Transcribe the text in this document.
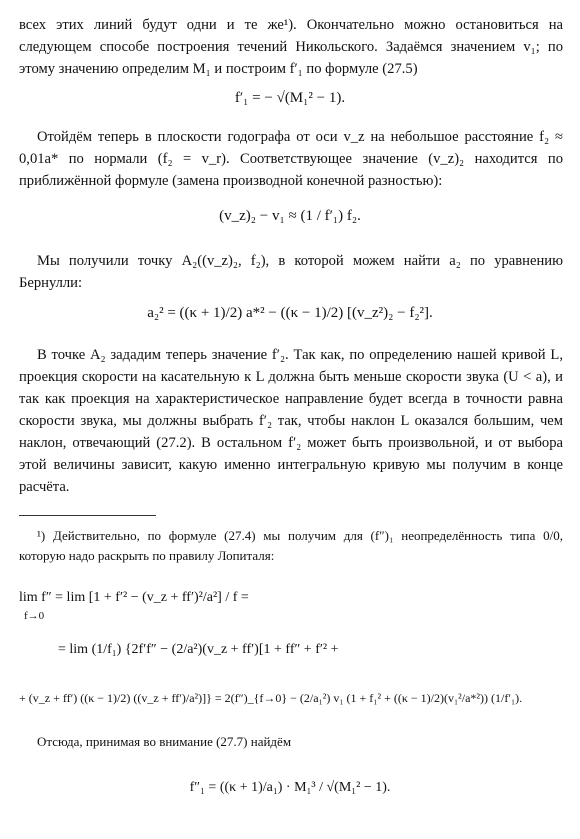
всех этих линий будут одни и те же¹). Окончательно можно остановиться на следующем способе построения течений Никольского. Задаёмся значением v₁; по этому значению определим M₁ и построим f′₁ по формуле (27.5)
f′₁ = − √(M₁² − 1).
Отойдём теперь в плоскости годографа от оси v_z на небольшое расстояние f₂ ≈ 0,01a* по нормали (f₂ = v_r). Соответствующее значение (v_z)₂ находится по приближённой формуле (замена производной конечной разностью):
(v_z)₂ − v₁ ≈ (1 / f′₁) f₂.
Мы получили точку A₂((v_z)₂, f₂), в которой можем найти a₂ по уравнению Бернулли:
a₂² = ((κ + 1)/2) a*² − ((κ − 1)/2) [(v_z²)₂ − f₂²].
В точке A₂ зададим теперь значение f′₂. Так как, по определению нашей кривой L, проекция скорости на касательную к L должна быть меньше скорости звука (U < a), и так как проекция на характеристическое направление будет всегда в точности равна скорости звука, мы должны выбрать f′₂ так, чтобы наклон L оказался большим, чем наклон, отвечающий (27.2). В остальном f′₂ может быть произвольной, и от выбора этой величины зависит, какую именно интегральную кривую мы получим в конце расчёта.
¹) Действительно, по формуле (27.4) мы получим для (f″)₁ неопределённость типа 0/0, которую надо раскрыть по правилу Лопиталя:
lim f″ = lim [1 + f′² − (v_z + ff′)²/a²] / f =
f→0
= lim (1/f₁) {2f′f″ − (2/a²)(v_z + ff′)[1 + ff″ + f′² +
+ (v_z + ff′) ((κ − 1)/2) ((v_z + ff′)/a²)]} = 2(f″)_{f→0} − (2/a₁²) v₁ (1 + f₁² + ((κ − 1)/2)(v₁²/a*²)) (1/f′₁).
Отсюда, принимая во внимание (27.7) найдём
f″₁ = ((κ + 1)/a₁) · M₁³ / √(M₁² − 1).
